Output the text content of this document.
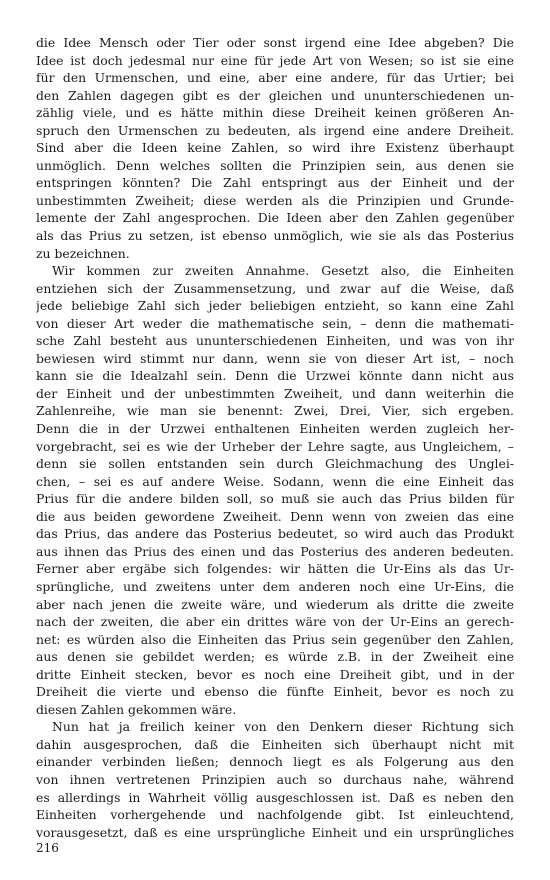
die Idee Mensch oder Tier oder sonst irgend eine Idee abgeben? Die
Idee ist doch jedesmal nur eine für jede Art von Wesen; so ist sie eine
für den Urmenschen, und eine, aber eine andere, für das Urtier; bei
den Zahlen dagegen gibt es der gleichen und ununterschiedenen un-
zählig viele, und es hätte mithin diese Dreiheit keinen größeren An-
spruch den Urmenschen zu bedeuten, als irgend eine andere Dreiheit.
Sind aber die Ideen keine Zahlen, so wird ihre Existenz überhaupt
unmöglich. Denn welches sollten die Prinzipien sein, aus denen sie
entspringen könnten? Die Zahl entspringt aus der Einheit und der
unbestimmten Zweiheit; diese werden als die Prinzipien und Grunde-
lemente der Zahl angesprochen. Die Ideen aber den Zahlen gegenüber
als das Prius zu setzen, ist ebenso unmöglich, wie sie als das Posterius
zu bezeichnen.
Wir kommen zur zweiten Annahme. Gesetzt also, die Einheiten
entziehen sich der Zusammensetzung, und zwar auf die Weise, daß
jede beliebige Zahl sich jeder beliebigen entzieht, so kann eine Zahl
von dieser Art weder die mathematische sein, – denn die mathemati-
sche Zahl besteht aus ununterschiedenen Einheiten, und was von ihr
bewiesen wird stimmt nur dann, wenn sie von dieser Art ist, – noch
kann sie die Idealzahl sein. Denn die Urzwei könnte dann nicht aus
der Einheit und der unbestimmten Zweiheit, und dann weiterhin die
Zahlenreihe, wie man sie benennt: Zwei, Drei, Vier, sich ergeben.
Denn die in der Urzwei enthaltenen Einheiten werden zugleich her-
vorgebracht, sei es wie der Urheber der Lehre sagte, aus Ungleichem, –
denn sie sollen entstanden sein durch Gleichmachung des Unglei-
chen, – sei es auf andere Weise. Sodann, wenn die eine Einheit das
Prius für die andere bilden soll, so muß sie auch das Prius bilden für
die aus beiden gewordene Zweiheit. Denn wenn von zweien das eine
das Prius, das andere das Posterius bedeutet, so wird auch das Produkt
aus ihnen das Prius des einen und das Posterius des anderen bedeuten.
Ferner aber ergäbe sich folgendes: wir hätten die Ur-Eins als das Ur-
sprüngliche, und zweitens unter dem anderen noch eine Ur-Eins, die
aber nach jenen die zweite wäre, und wiederum als dritte die zweite
nach der zweiten, die aber ein drittes wäre von der Ur-Eins an gerech-
net: es würden also die Einheiten das Prius sein gegenüber den Zahlen,
aus denen sie gebildet werden; es würde z.B. in der Zweiheit eine
dritte Einheit stecken, bevor es noch eine Dreiheit gibt, und in der
Dreiheit die vierte und ebenso die fünfte Einheit, bevor es noch zu
diesen Zahlen gekommen wäre.
Nun hat ja freilich keiner von den Denkern dieser Richtung sich
dahin ausgesprochen, daß die Einheiten sich überhaupt nicht mit
einander verbinden ließen; dennoch liegt es als Folgerung aus den
von ihnen vertretenen Prinzipien auch so durchaus nahe, während
es allerdings in Wahrheit völlig ausgeschlossen ist. Daß es neben den
Einheiten vorhergehende und nachfolgende gibt. Ist einleuchtend,
vorausgesetzt, daß es eine ursprüngliche Einheit und ein ursprüngliches
216
